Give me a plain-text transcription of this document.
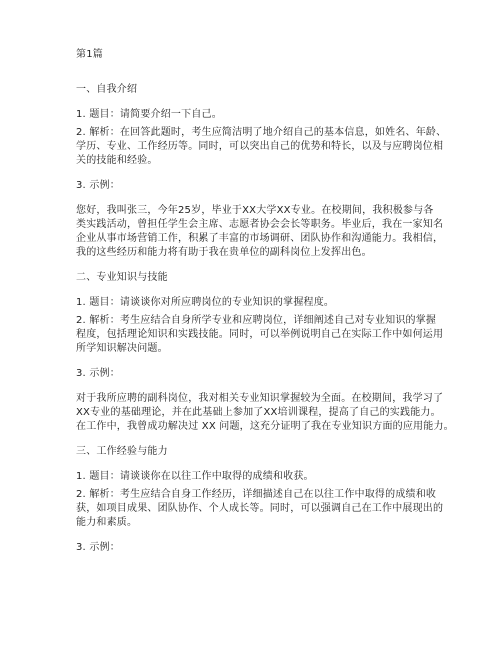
第1篇
一、自我介绍
1. 题目：请简要介绍一下自己。
2. 解析：在回答此题时，考生应简洁明了地介绍自己的基本信息，如姓名、年龄、
学历、专业、工作经历等。同时，可以突出自己的优势和特长，以及与应聘岗位相
关的技能和经验。
3. 示例：
您好，我叫张三，今年25岁，毕业于XX大学XX专业。在校期间，我积极参与各
类实践活动，曾担任学生会主席、志愿者协会会长等职务。毕业后，我在一家知名
企业从事市场营销工作，积累了丰富的市场调研、团队协作和沟通能力。我相信，
我的这些经历和能力将有助于我在贵单位的副科岗位上发挥出色。
二、专业知识与技能
1. 题目：请谈谈你对所应聘岗位的专业知识的掌握程度。
2. 解析：考生应结合自身所学专业和应聘岗位，详细阐述自己对专业知识的掌握
程度，包括理论知识和实践技能。同时，可以举例说明自己在实际工作中如何运用
所学知识解决问题。
3. 示例：
对于我所应聘的副科岗位，我对相关专业知识掌握较为全面。在校期间，我学习了
XX专业的基础理论，并在此基础上参加了XX培训课程，提高了自己的实践能力。
在工作中，我曾成功解决过 XX 问题，这充分证明了我在专业知识方面的应用能力。
三、工作经验与能力
1. 题目：请谈谈你在以往工作中取得的成绩和收获。
2. 解析：考生应结合自身工作经历，详细描述自己在以往工作中取得的成绩和收
获，如项目成果、团队协作、个人成长等。同时，可以强调自己在工作中展现出的
能力和素质。
3. 示例：
